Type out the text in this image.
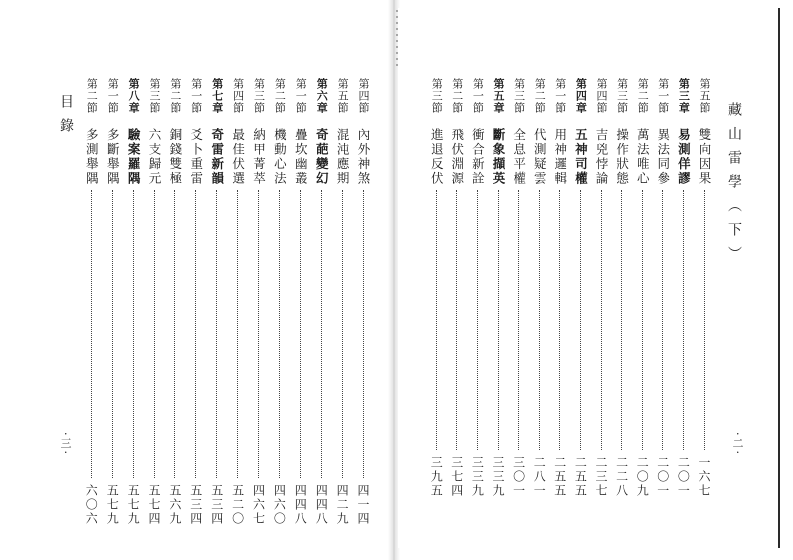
目錄
·三·
第四節
內外神煞
四一四
第五節
混沌應期
四二九
第六章
奇葩變幻
四四八
第一節
疊坎幽叢
四四八
第二節
機動心法
四六〇
第三節
納甲菁萃
四六七
第四節
最佳伏選
五二〇
第七章
奇雷新韻
五三四
第一節
爻卜重雷
五三四
第二節
銅錢雙極
五六九
第三節
六支歸元
五七四
第八章
驗案羅隅
五七九
第一節
多斷舉隅
五七九
第二節
多測舉隅
六〇六
藏山雷學（下）
·二·
第五節
雙向因果
一六七
第三章
易測佯謬
二〇一
第一節
異法同參
二〇一
第二節
萬法唯心
二〇九
第三節
操作狀態
二二八
第四節
吉兇悖論
二三七
第四章
五神司權
二五五
第一節
用神邏輯
二五五
第二節
代測疑雲
二八一
第三節
全息平權
三〇一
第五章
斷象擷英
三三九
第一節
衝合新詮
三三九
第二節
飛伏淵源
三七四
第三節
進退反伏
三九五
